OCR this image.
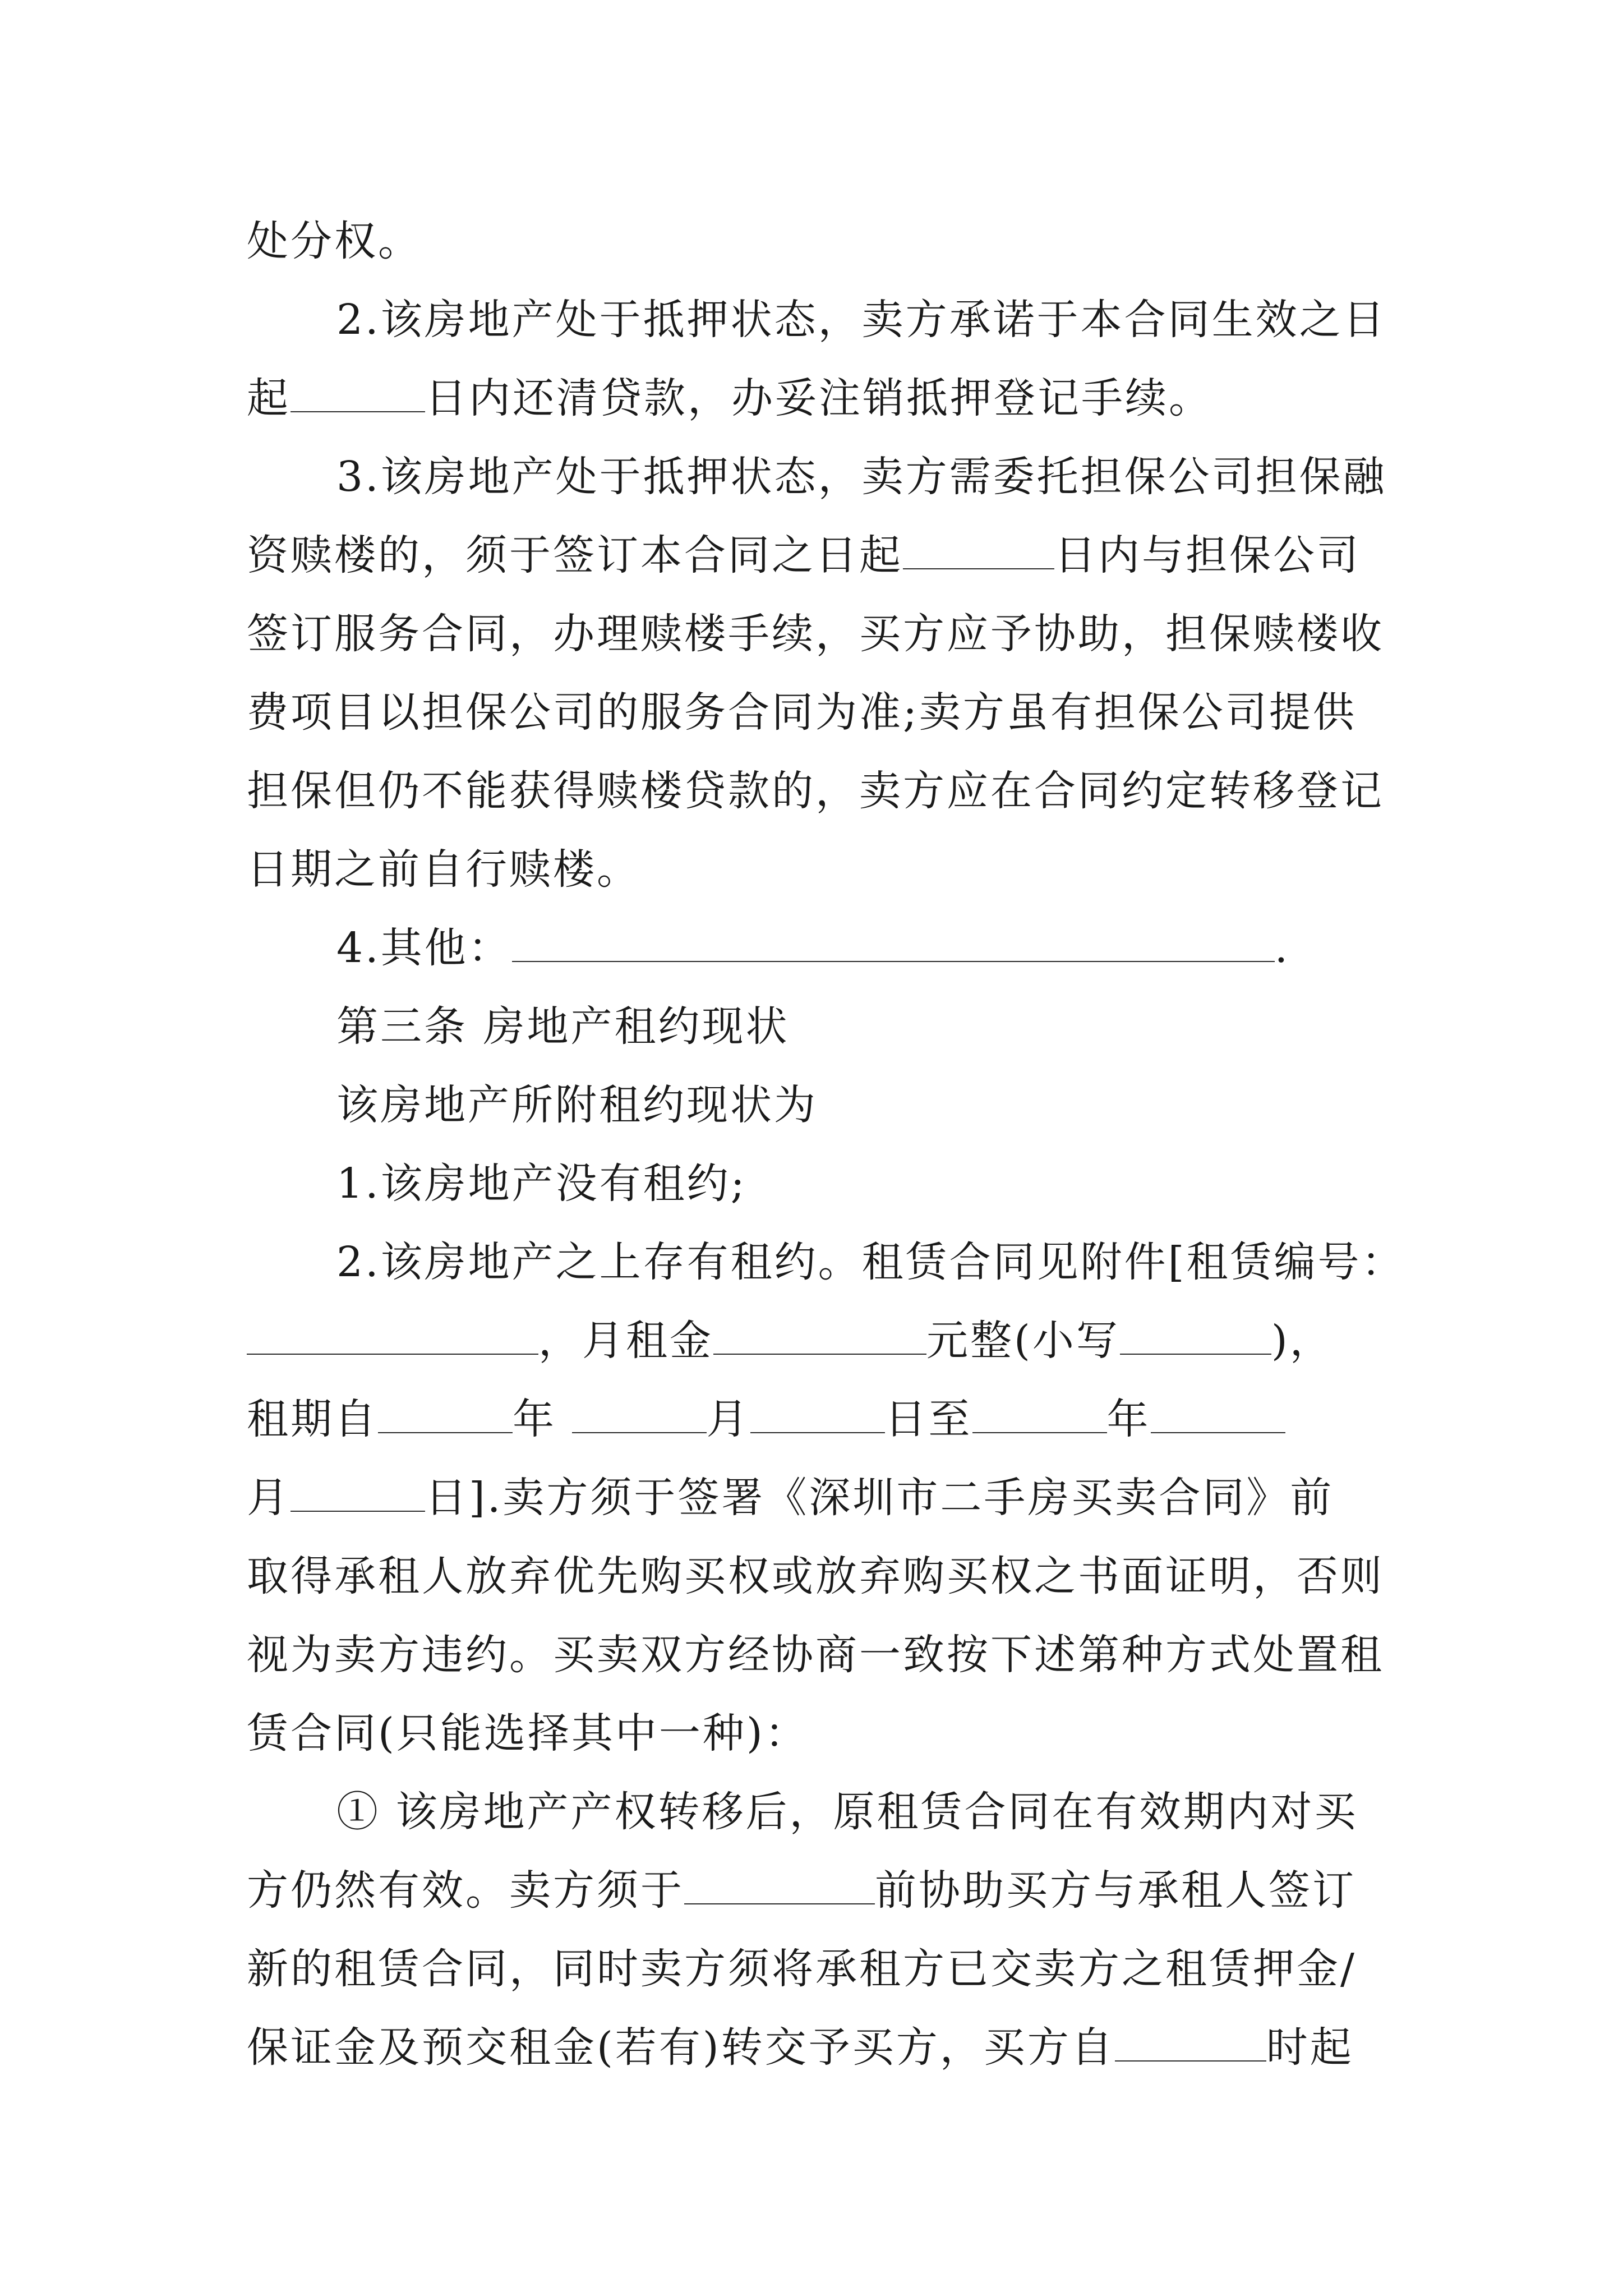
处分权。
2.该房地产处于抵押状态，卖方承诺于本合同生效之日
起	日内还清贷款，办妥注销抵押登记手续。
3.该房地产处于抵押状态，卖方需委托担保公司担保融
资赎楼的，须于签订本合同之日起	日内与担保公司
签订服务合同，办理赎楼手续，买方应予协助，担保赎楼收
费项目以担保公司的服务合同为准;卖方虽有担保公司提供
担保但仍不能获得赎楼贷款的，卖方应在合同约定转移登记
日期之前自行赎楼。
4.其他：	.
第三条 房地产租约现状
该房地产所附租约现状为
1.该房地产没有租约;
2.该房地产之上存有租约。租赁合同见附件[租赁编号：
，月租金	元整(小写	)，
租期自	年	月	日至	年
月	日].卖方须于签署《深圳市二手房买卖合同》前
取得承租人放弃优先购买权或放弃购买权之书面证明，否则
视为卖方违约。买卖双方经协商一致按下述第种方式处置租
赁合同(只能选择其中一种)：
① 该房地产产权转移后，原租赁合同在有效期内对买
方仍然有效。卖方须于	前协助买方与承租人签订
新的租赁合同，同时卖方须将承租方已交卖方之租赁押金/
保证金及预交租金(若有)转交予买方，买方自	时起
